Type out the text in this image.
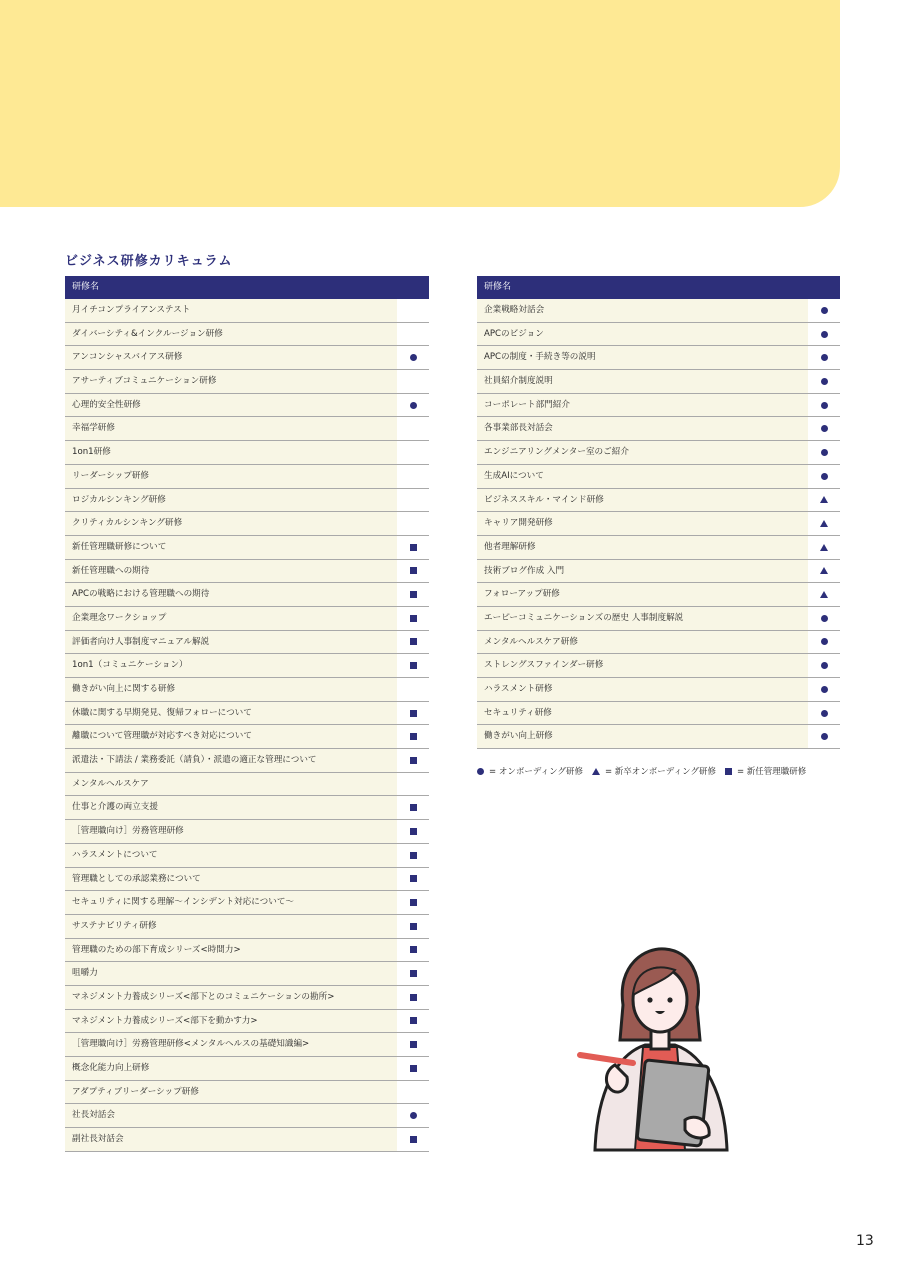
ビジネス研修カリキュラム
研修名
月イチコンプライアンステスト
ダイバーシティ&インクルージョン研修
アンコンシャスバイアス研修
アサーティブコミュニケーション研修
心理的安全性研修
幸福学研修
1on1研修
リーダーシップ研修
ロジカルシンキング研修
クリティカルシンキング研修
新任管理職研修について
新任管理職への期待
APCの戦略における管理職への期待
企業理念ワークショップ
評価者向け人事制度マニュアル解説
1on1（コミュニケーション）
働きがい向上に関する研修
休職に関する早期発見、復帰フォローについて
離職について管理職が対応すべき対応について
派遣法・下請法 / 業務委託（請負）・派遣の適正な管理について
メンタルヘルスケア
仕事と介護の両立支援
［管理職向け］労務管理研修
ハラスメントについて
管理職としての承認業務について
セキュリティに関する理解〜インシデント対応について〜
サステナビリティ研修
管理職のための部下育成シリーズ<時間力>
咀嚼力
マネジメント力養成シリーズ<部下とのコミュニケーションの勘所>
マネジメント力養成シリーズ<部下を動かす力>
［管理職向け］労務管理研修<メンタルヘルスの基礎知識編>
概念化能力向上研修
アダプティブリーダーシップ研修
社長対話会
副社長対話会
研修名
企業戦略対話会
APCのビジョン
APCの制度・手続き等の説明
社員紹介制度説明
コーポレート部門紹介
各事業部長対話会
エンジニアリングメンター室のご紹介
生成AIについて
ビジネススキル・マインド研修
キャリア開発研修
他者理解研修
技術ブログ作成 入門
フォローアップ研修
エーピーコミュニケーションズの歴史 人事制度解説
メンタルヘルスケア研修
ストレングスファインダー研修
ハラスメント研修
セキュリティ研修
働きがい向上研修
= オンボーディング研修	= 新卒オンボーディング研修 = 新任管理職研修
13
